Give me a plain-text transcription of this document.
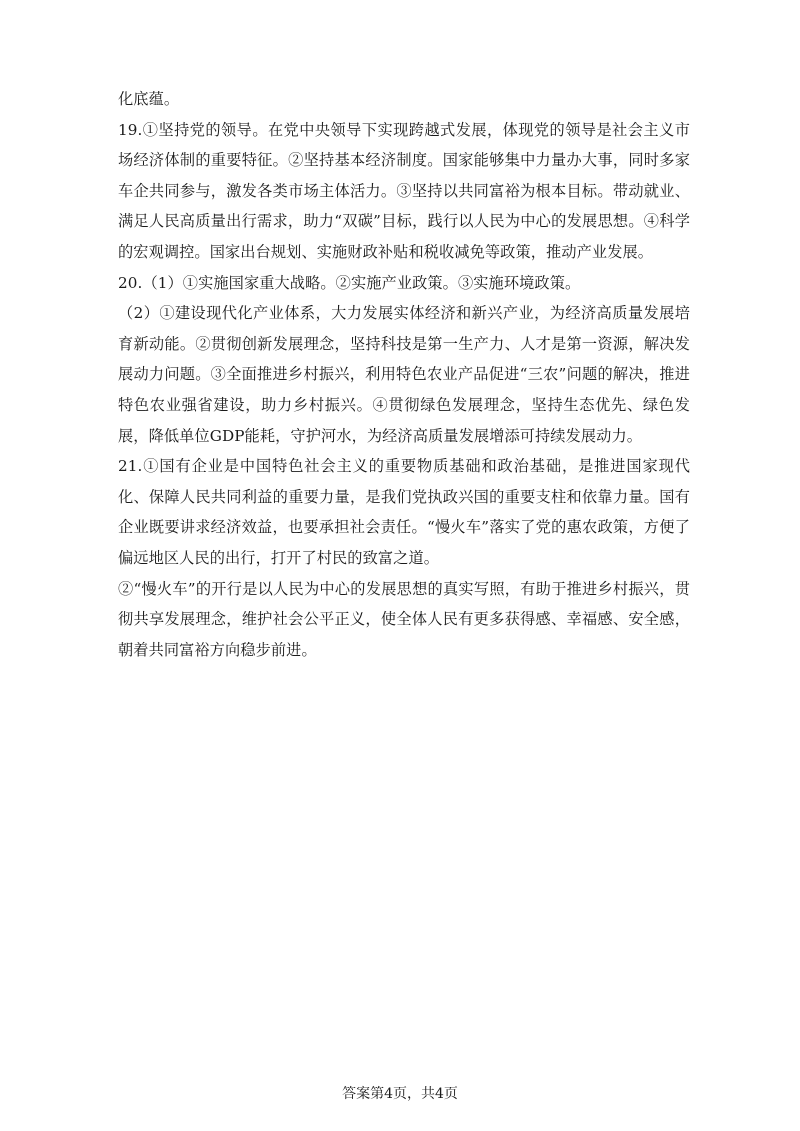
化底蕴。

19.①坚持党的领导。在党中央领导下实现跨越式发展，体现党的领导是社会主义市场经济体制的重要特征。②坚持基本经济制度。国家能够集中力量办大事，同时多家车企共同参与，激发各类市场主体活力。③坚持以共同富裕为根本目标。带动就业、满足人民高质量出行需求，助力“双碳”目标，践行以人民为中心的发展思想。④科学的宏观调控。国家出台规划、实施财政补贴和税收减免等政策，推动产业发展。

20.（1）①实施国家重大战略。②实施产业政策。③实施环境政策。

（2）①建设现代化产业体系，大力发展实体经济和新兴产业，为经济高质量发展培育新动能。②贯彻创新发展理念，坚持科技是第一生产力、人才是第一资源，解决发展动力问题。③全面推进乡村振兴，利用特色农业产品促进“三农”问题的解决，推进特色农业强省建设，助力乡村振兴。④贯彻绿色发展理念，坚持生态优先、绿色发展，降低单位GDP能耗，守护河水，为经济高质量发展增添可持续发展动力。

21.①国有企业是中国特色社会主义的重要物质基础和政治基础，是推进国家现代化、保障人民共同利益的重要力量，是我们党执政兴国的重要支柱和依靠力量。国有企业既要讲求经济效益，也要承担社会责任。“慢火车”落实了党的惠农政策，方便了偏远地区人民的出行，打开了村民的致富之道。

②“慢火车”的开行是以人民为中心的发展思想的真实写照，有助于推进乡村振兴，贯彻共享发展理念，维护社会公平正义，使全体人民有更多获得感、幸福感、安全感，朝着共同富裕方向稳步前进。

答案第4页，共4页
